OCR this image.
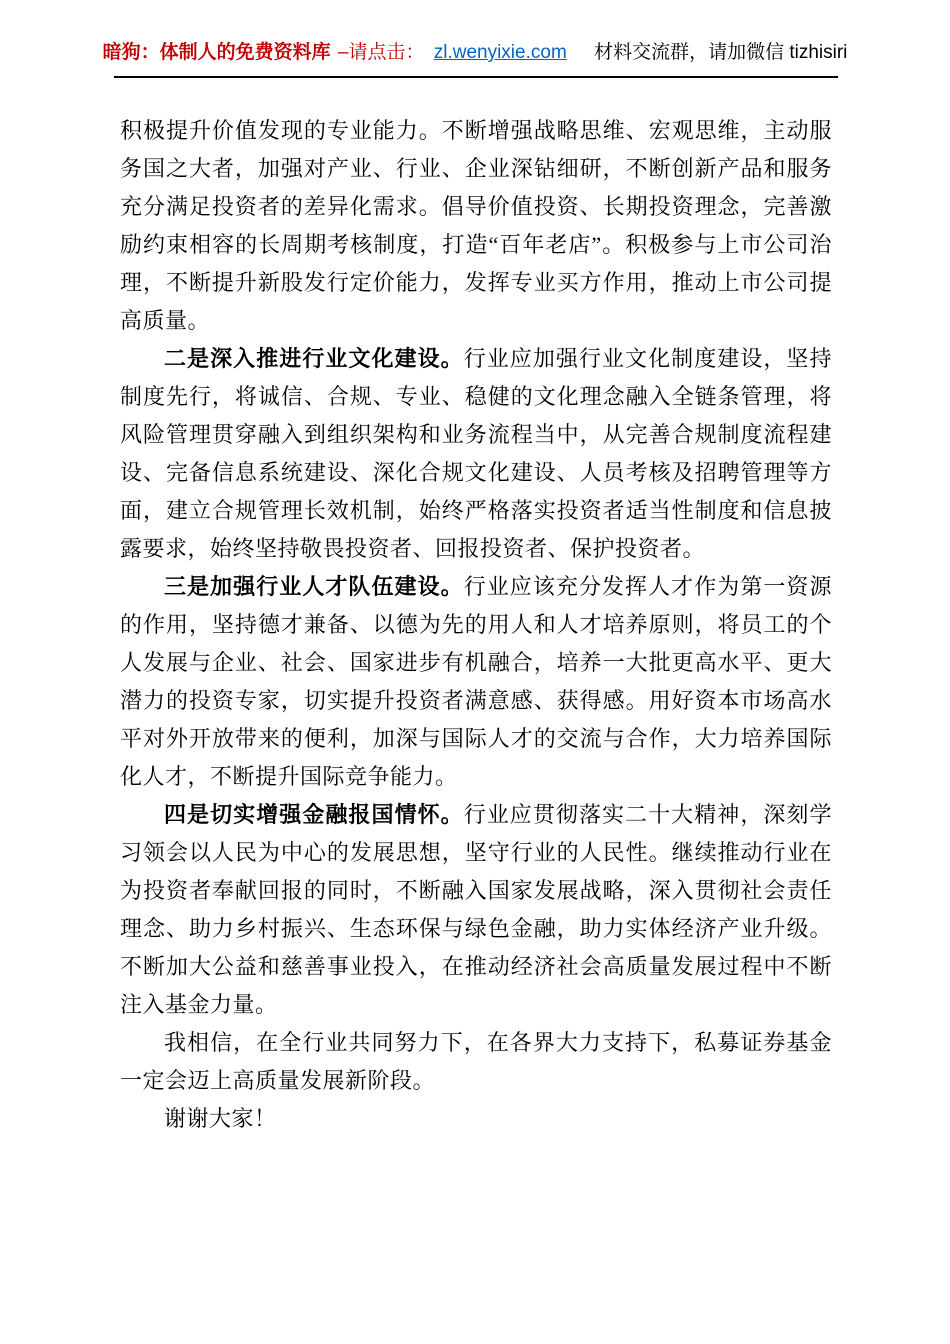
暗狗：体制人的免费资料库 –请点击： zl.wenyixie.com 材料交流群，请加微信 tizhisiri

积极提升价值发现的专业能力。不断增强战略思维、宏观思维，主动服务国之大者，加强对产业、行业、企业深钻细研，不断创新产品和服务充分满足投资者的差异化需求。倡导价值投资、长期投资理念，完善激励约束相容的长周期考核制度，打造“百年老店”。积极参与上市公司治理，不断提升新股发行定价能力，发挥专业买方作用，推动上市公司提高质量。

二是深入推进行业文化建设。行业应加强行业文化制度建设，坚持制度先行，将诚信、合规、专业、稳健的文化理念融入全链条管理，将风险管理贯穿融入到组织架构和业务流程当中，从完善合规制度流程建设、完备信息系统建设、深化合规文化建设、人员考核及招聘管理等方面，建立合规管理长效机制，始终严格落实投资者适当性制度和信息披露要求，始终坚持敬畏投资者、回报投资者、保护投资者。

三是加强行业人才队伍建设。行业应该充分发挥人才作为第一资源的作用，坚持德才兼备、以德为先的用人和人才培养原则，将员工的个人发展与企业、社会、国家进步有机融合，培养一大批更高水平、更大潜力的投资专家，切实提升投资者满意感、获得感。用好资本市场高水平对外开放带来的便利，加深与国际人才的交流与合作，大力培养国际化人才，不断提升国际竞争能力。

四是切实增强金融报国情怀。行业应贯彻落实二十大精神，深刻学习领会以人民为中心的发展思想，坚守行业的人民性。继续推动行业在为投资者奉献回报的同时，不断融入国家发展战略，深入贯彻社会责任理念、助力乡村振兴、生态环保与绿色金融，助力实体经济产业升级。不断加大公益和慈善事业投入，在推动经济社会高质量发展过程中不断注入基金力量。

我相信，在全行业共同努力下，在各界大力支持下，私募证券基金一定会迈上高质量发展新阶段。

谢谢大家！
